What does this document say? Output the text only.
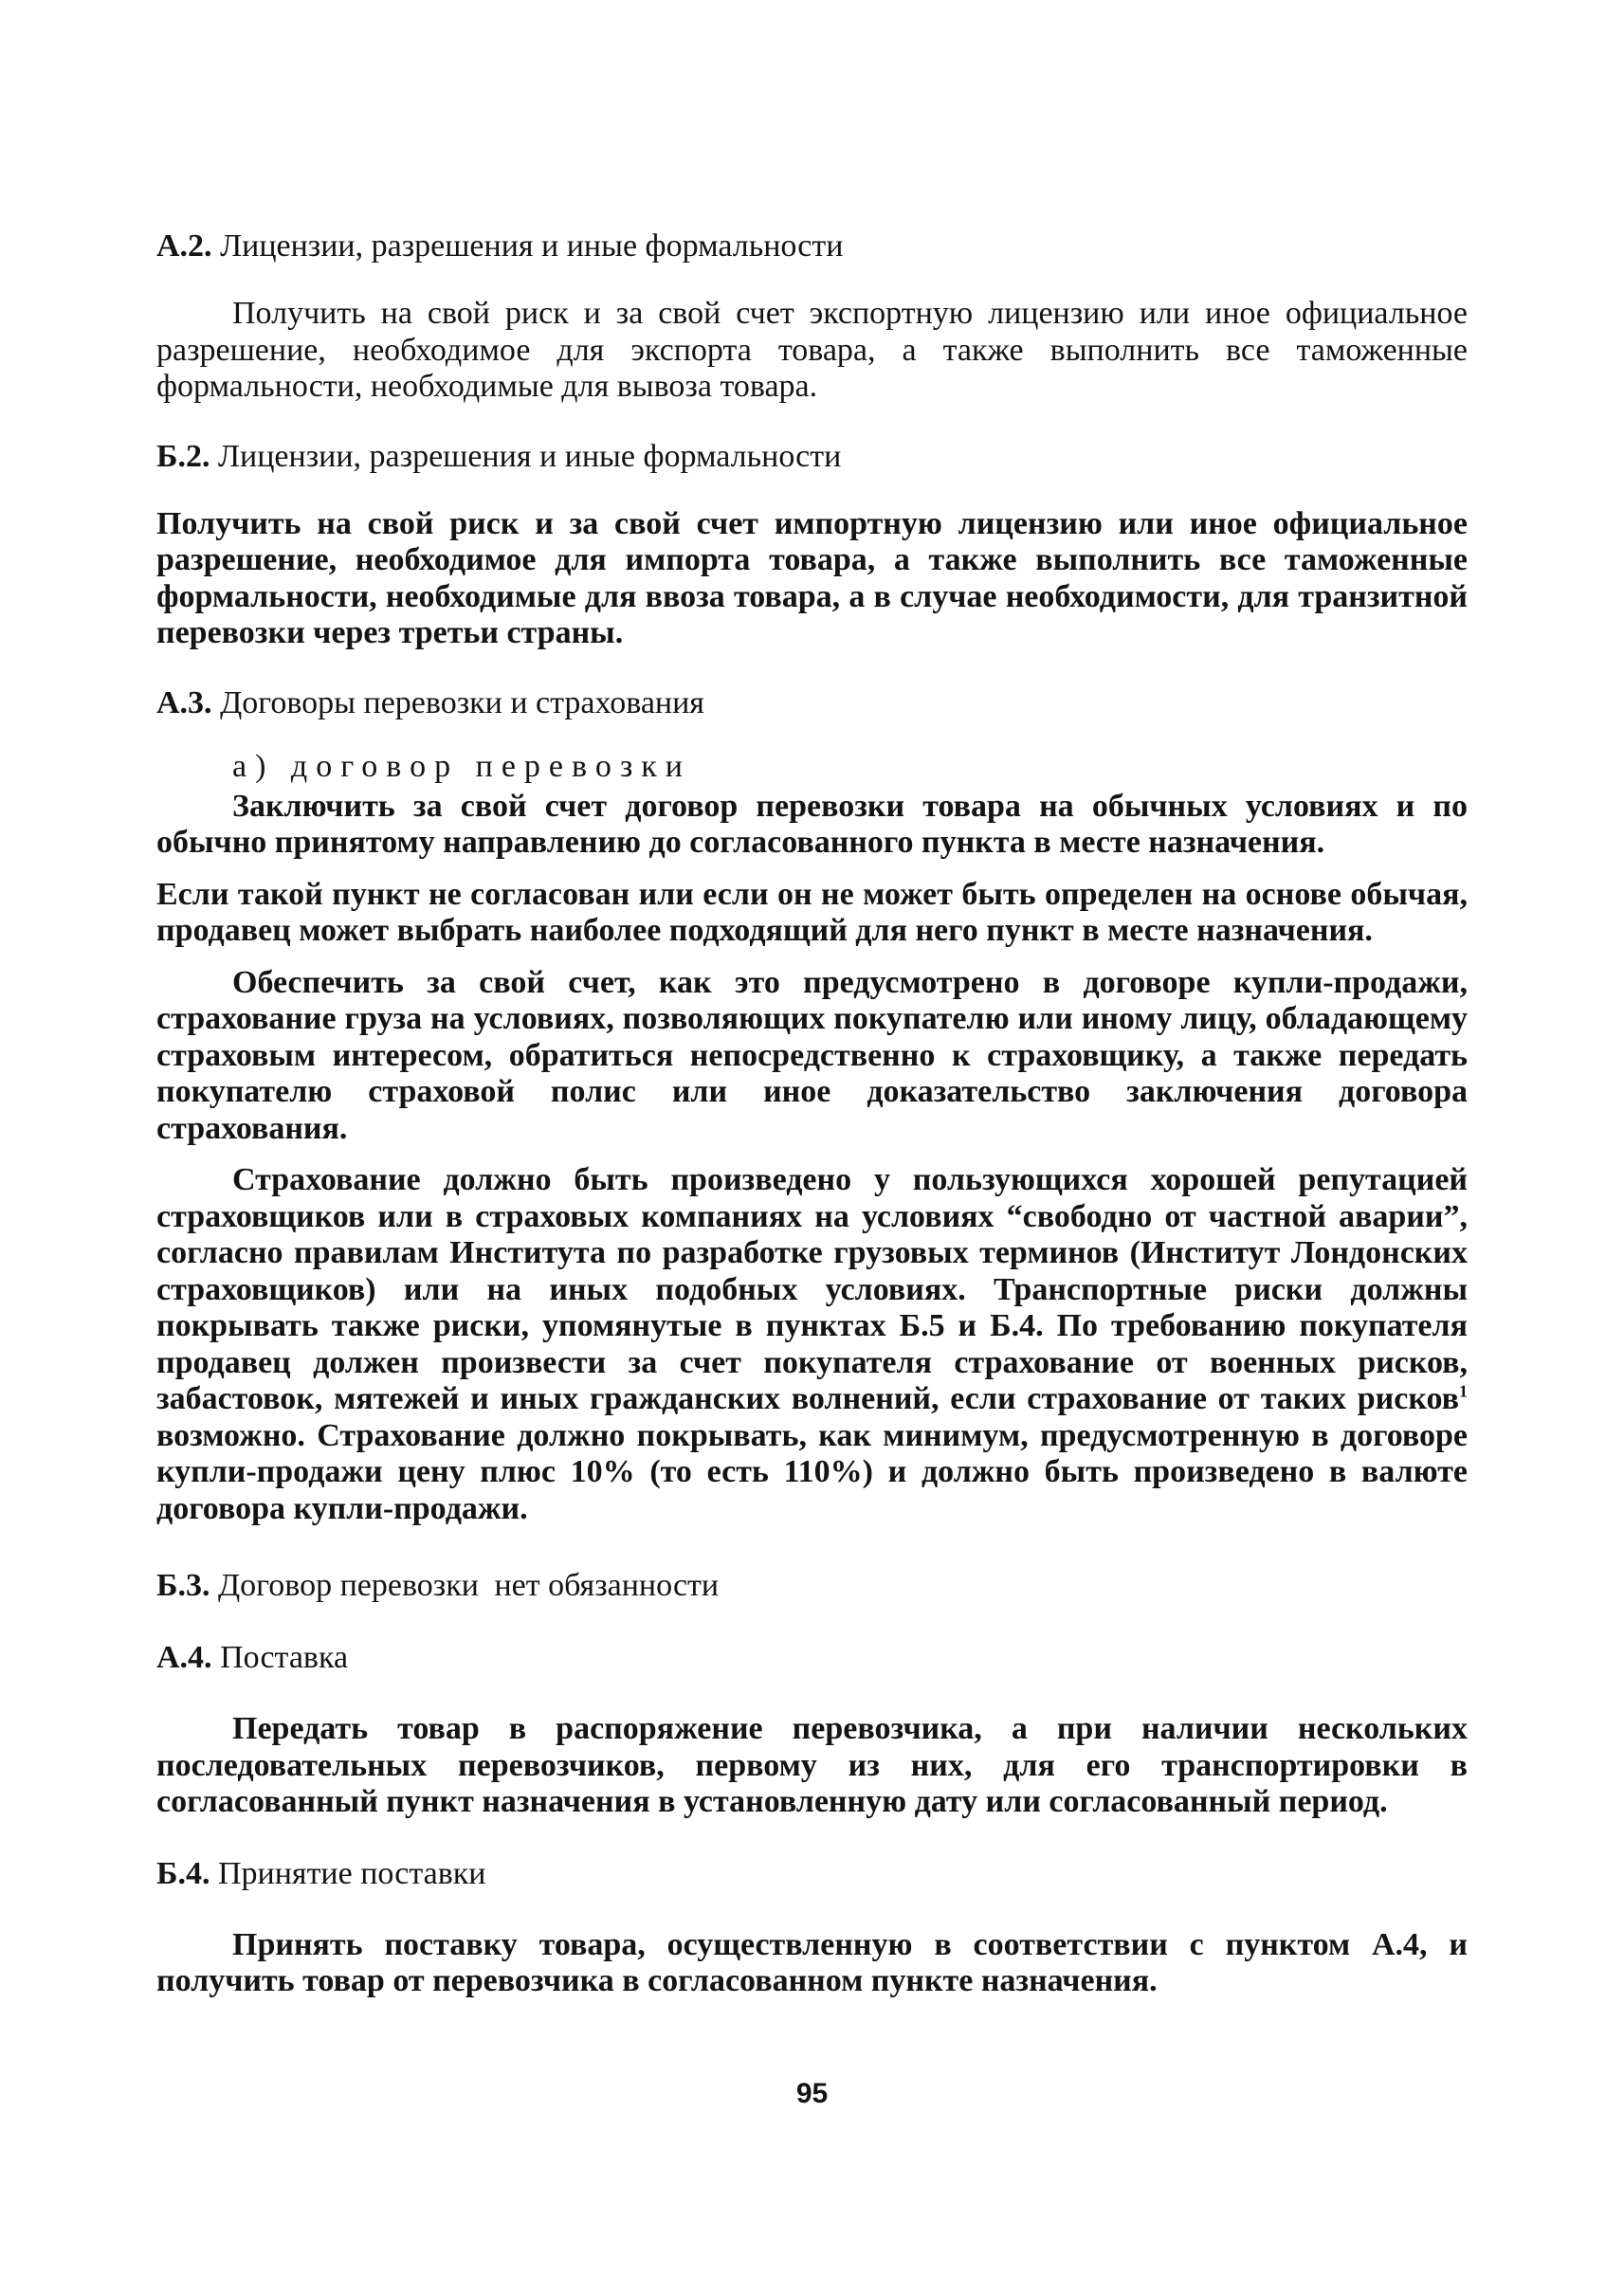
А.2. Лицензии, разрешения и иные формальности

Получить на свой риск и за свой счет экспортную лицензию или иное официальное разрешение, необходимое для экспорта товара, а также выполнить все таможенные формальности, необходимые для вывоза товара.

Б.2. Лицензии, разрешения и иные формальности

Получить на свой риск и за свой счет импортную лицензию или иное официальное разрешение, необходимое для импорта товара, а также выполнить все таможенные формальности, необходимые для ввоза товара, а в случае необходимости, для транзитной перевозки через третьи страны.

А.3. Договоры перевозки и страхования
а) договор перевозки

Заключить за свой счет договор перевозки товара на обычных условиях и по обычно принятому направлению до согласованного пункта в месте назначения.

Если такой пункт не согласован или если он не может быть определен на основе обычая, продавец может выбрать наиболее подходящий для него пункт в месте назначения.

Обеспечить за свой счет, как это предусмотрено в договоре купли-продажи, страхование груза на условиях, позволяющих покупателю или иному лицу, обладающему страховым интересом, обратиться непосредственно к страховщику, а также передать покупателю страховой полис или иное доказательство заключения договора страхования.

Страхование должно быть произведено у пользующихся хорошей репутацией страховщиков или в страховых компаниях на условиях “свободно от частной аварии”, согласно правилам Института по разработке грузовых терминов (Институт Лондонских страховщиков) или на иных подобных условиях. Транспортные риски должны покрывать также риски, упомянутые в пунктах Б.5 и Б.4. По требованию покупателя продавец должен произвести за счет покупателя страхование от военных рисков, забастовок, мятежей и иных гражданских волнений, если страхование от таких рисков$^1$ возможно. Страхование должно покрывать, как минимум, предусмотренную в договоре купли-продажи цену плюс 10% (то есть 110%) и должно быть произведено в валюте договора купли-продажи.

Б.3. Договор перевозки нет обязанности
А.4. Поставка

Передать товар в распоряжение перевозчика, а при наличии нескольких последовательных перевозчиков, первому из них, для его транспортировки в согласованный пункт назначения в установленную дату или согласованный период.

Б.4. Принятие поставки

Принять поставку товара, осуществленную в соответствии с пунктом А.4, и получить товар от перевозчика в согласованном пункте назначения.

95
